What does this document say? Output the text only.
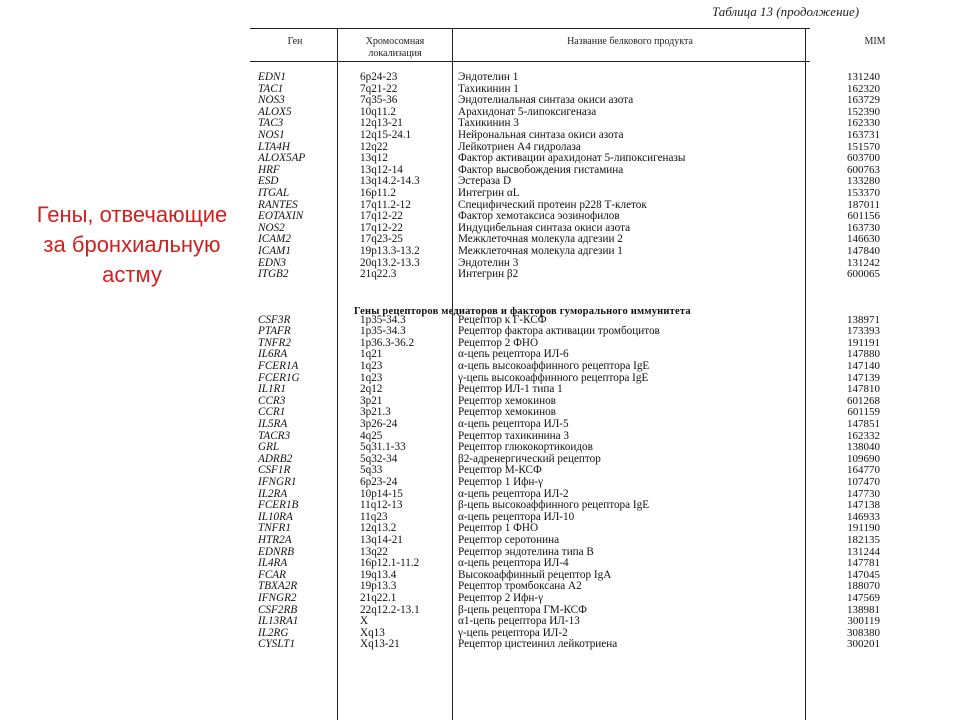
Гены, отвечающие
за бронхиальную
астму
Таблица 13 (продолжение)
Ген	Хромосомная
локализация
Название белкового продукта	MIM
EDN1
TAC1
NOS3
ALOX5
TAC3
NOS1
LTA4H
ALOX5AP
HRF
ESD
ITGAL
RANTES
EOTAXIN
NOS2
ICAM2
ICAM1
EDN3
ITGB2
CSF3R
PTAFR
TNFR2
IL6RA
FCER1A
FCER1G
IL1R1
CCR3
CCR1
IL5RA
TACR3
GRL
ADRB2
CSF1R
IFNGR1
IL2RA
FCER1B
IL10RA
TNFR1
HTR2A
EDNRB
IL4RA
FCAR
TBXA2R
IFNGR2
CSF2RB
IL13RA1
IL2RG
CYSLT1
6p24-23
7q21-22
7q35-36
10q11.2
12q13-21
12q15-24.1
12q22
13q12
13q12-14
13q14.2-14.3
16p11.2
17q11.2-12
17q12-22
17q12-22
17q23-25
19p13.3-13.2
20q13.2-13.3
21q22.3
1p35-34.3
1p35-34.3
1p36.3-36.2
1q21
1q23
1q23
2q12
3p21
3p21.3
3p26-24
4q25
5q31.1-33
5q32-34
5q33
6p23-24
10p14-15
11q12-13
11q23
12q13.2
13q14-21
13q22
16p12.1-11.2
19q13.4
19p13.3
21q22.1
22q12.2-13.1
X
Xq13
Xq13-21
Эндотелин 1
Тахикинин 1
Эндотелиальная синтаза окиси азота
Арахидонат 5-липоксигеназа
Тахикинин 3
Нейрональная синтаза окиси азота
Лейкотриен А4 гидролаза
Фактор активации арахидонат 5-липоксигеназы
Фактор высвобождения гистамина
Эстераза D
Интегрин αL
Специфический протеин р228 Т-клеток
Фактор хемотаксиса эозинофилов
Индуцибельная синтаза окиси азота
Межклеточная молекула адгезии 2
Межклеточная молекула адгезии 1
Эндотелин 3
Интегрин β2
Рецептор к Г-КСФ
Рецептор фактора активации тромбоцитов
Рецептор 2 ФНО
α-цепь рецептора ИЛ-6
α-цепь высокоаффинного рецептора IgE
γ-цепь высокоаффинного рецептора IgE
Рецептор ИЛ-1 типа 1
Рецептор хемокинов
Рецептор хемокинов
α-цепь рецептора ИЛ-5
Рецептор тахикинина 3
Рецептор глюкокортикоидов
β2-адренергический рецептор
Рецептор М-КСФ
Рецептор 1 Ифн-γ
α-цепь рецептора ИЛ-2
β-цепь высокоаффинного рецептора IgE
α-цепь рецептора ИЛ-10
Рецептор 1 ФНО
Рецептор серотонина
Рецептор эндотелина типа В
α-цепь рецептора ИЛ-4
Высокоаффинный рецептор IgA
Рецептор тромбоксана А2
Рецептор 2 Ифн-γ
β-цепь рецептора ГМ-КСФ
α1-цепь рецептора ИЛ-13
γ-цепь рецептора ИЛ-2
Рецептор цистеинил лейкотриена
131240
162320
163729
152390
162330
163731
151570
603700
600763
133280
153370
187011
601156
163730
146630
147840
131242
600065
138971
173393
191191
147880
147140
147139
147810
601268
601159
147851
162332
138040
109690
164770
107470
147730
147138
146933
191190
182135
131244
147781
147045
188070
147569
138981
300119
308380
300201
Гены рецепторов медиаторов и факторов гуморального иммунитета
